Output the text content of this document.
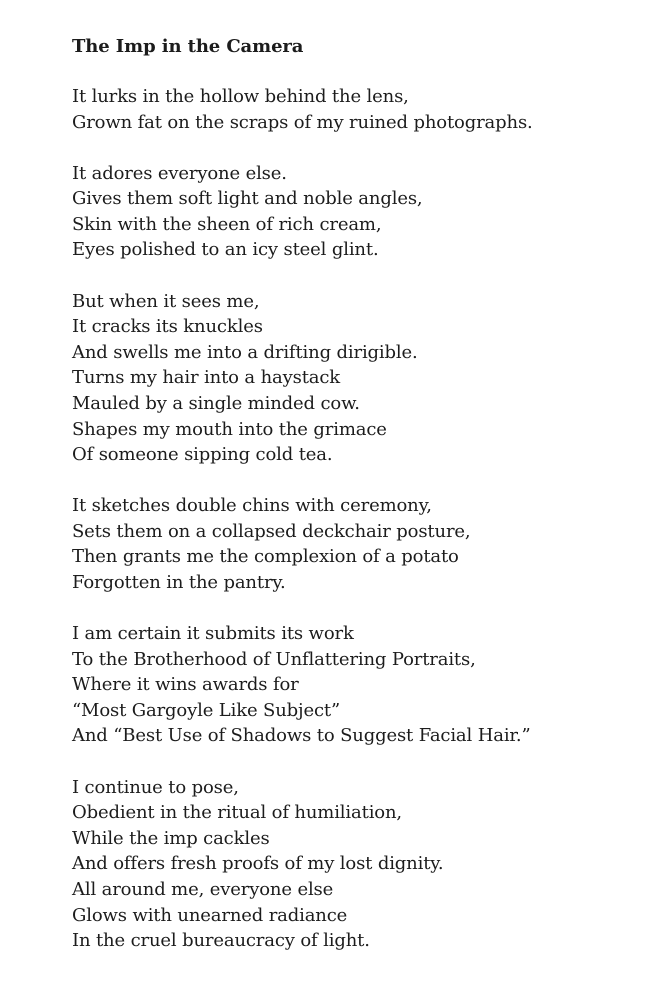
The Imp in the Camera
It lurks in the hollow behind the lens,
Grown fat on the scraps of my ruined photographs.
It adores everyone else.
Gives them soft light and noble angles,
Skin with the sheen of rich cream,
Eyes polished to an icy steel glint.
But when it sees me,
It cracks its knuckles
And swells me into a drifting dirigible.
Turns my hair into a haystack
Mauled by a single minded cow.
Shapes my mouth into the grimace
Of someone sipping cold tea.
It sketches double chins with ceremony,
Sets them on a collapsed deckchair posture,
Then grants me the complexion of a potato
Forgotten in the pantry.
I am certain it submits its work
To the Brotherhood of Unflattering Portraits,
Where it wins awards for
“Most Gargoyle Like Subject”
And “Best Use of Shadows to Suggest Facial Hair.”
I continue to pose,
Obedient in the ritual of humiliation,
While the imp cackles
And offers fresh proofs of my lost dignity.
All around me, everyone else
Glows with unearned radiance
In the cruel bureaucracy of light.
